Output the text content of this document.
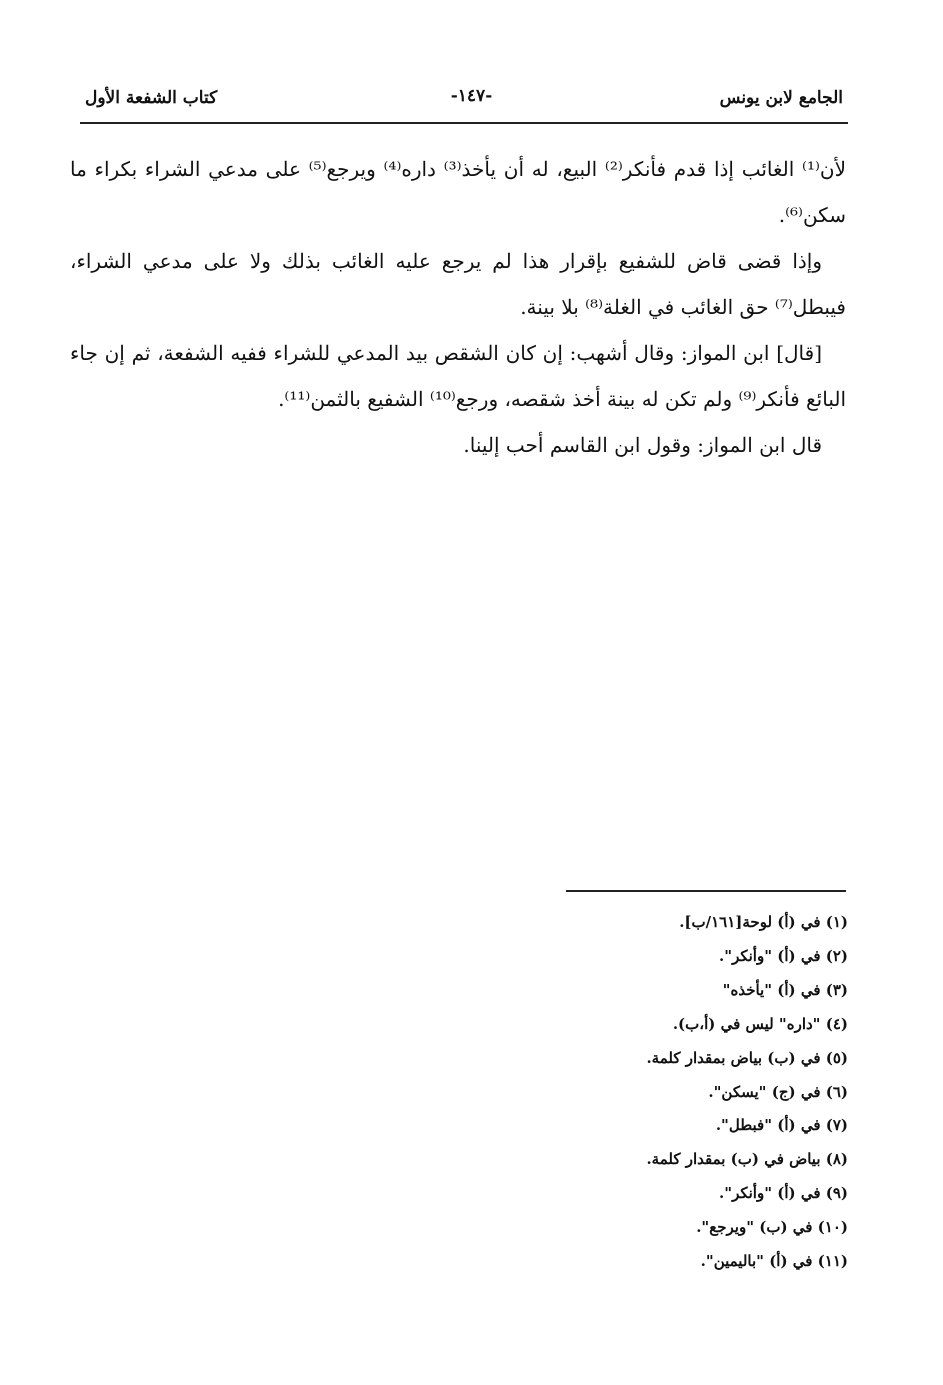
الجامع لابن يونس
-١٤٧-
كتاب الشفعة الأول

لأن⁽¹⁾ الغائب إذا قدم فأنكر⁽²⁾ البيع، له أن يأخذ⁽³⁾ داره⁽⁴⁾ ويرجع⁽⁵⁾ على مدعي الشراء بكراء ما سكن⁽⁶⁾.

وإذا قضى قاض للشفيع بإقرار هذا لم يرجع عليه الغائب بذلك ولا على مدعي الشراء، فيبطل⁽⁷⁾ حق الغائب في الغلة⁽⁸⁾ بلا بينة.

[قال] ابن المواز: وقال أشهب: إن كان الشقص بيد المدعي للشراء ففيه الشفعة، ثم إن جاء البائع فأنكر⁽⁹⁾ ولم تكن له بينة أخذ شقصه، ورجع⁽¹⁰⁾ الشفيع بالثمن⁽¹¹⁾.

قال ابن المواز: وقول ابن القاسم أحب إلينا.

(١) في (أ) لوحة[١٦١/ب].

(٢) في (أ) "وأنكر".

(٣) في (أ) "يأخذه"

(٤) "داره" ليس في (أ،ب).

(٥) في (ب) بياض بمقدار كلمة.

(٦) في (ج) "يسكن".

(٧) في (أ) "فبطل".

(٨) بياض في (ب) بمقدار كلمة.

(٩) في (أ) "وأنكر".

(١٠) في (ب) "ويرجع".

(١١) في (أ) "باليمين".
